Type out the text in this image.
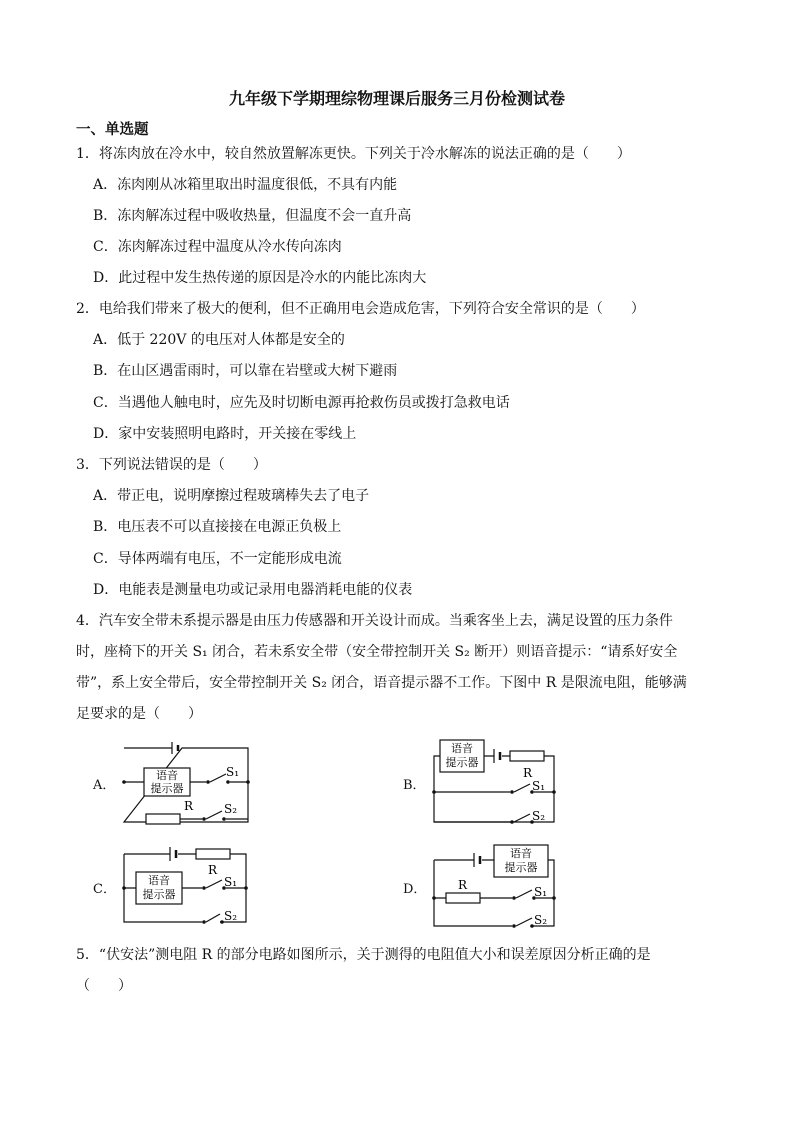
九年级下学期理综物理课后服务三月份检测试卷
一、单选题
1．将冻肉放在冷水中，较自然放置解冻更快。下列关于冷水解冻的说法正确的是（　　）
A．冻肉刚从冰箱里取出时温度很低，不具有内能
B．冻肉解冻过程中吸收热量，但温度不会一直升高
C．冻肉解冻过程中温度从冷水传向冻肉
D．此过程中发生热传递的原因是冷水的内能比冻肉大
2．电给我们带来了极大的便利，但不正确用电会造成危害，下列符合安全常识的是（　　）
A．低于 220V 的电压对人体都是安全的
B．在山区遇雷雨时，可以靠在岩壁或大树下避雨
C．当遇他人触电时，应先及时切断电源再抢救伤员或拨打急救电话
D．家中安装照明电路时，开关接在零线上
3．下列说法错误的是（　　）
A．带正电，说明摩擦过程玻璃棒失去了电子
B．电压表不可以直接接在电源正负极上
C．导体两端有电压，不一定能形成电流
D．电能表是测量电功或记录用电器消耗电能的仪表
4．汽车安全带未系提示器是由压力传感器和开关设计而成。当乘客坐上去，满足设置的压力条件
时，座椅下的开关 S₁ 闭合，若未系安全带（安全带控制开关 S₂ 断开）则语音提示：“请系好安全
带”，系上安全带后，安全带控制开关 S₂ 闭合，语音提示器不工作。下图中 R 是限流电阻，能够满
足要求的是（　　）
A．
语音
提示器
R
S₁
S₂
B．
语音
提示器
R
S₁
S₂
C．
语音
提示器
R
S₁
S₂
D．
语音
提示器
R	S₁
S₂
5．“伏安法”测电阻 R 的部分电路如图所示，关于测得的电阻值大小和误差原因分析正确的是
（　　）
